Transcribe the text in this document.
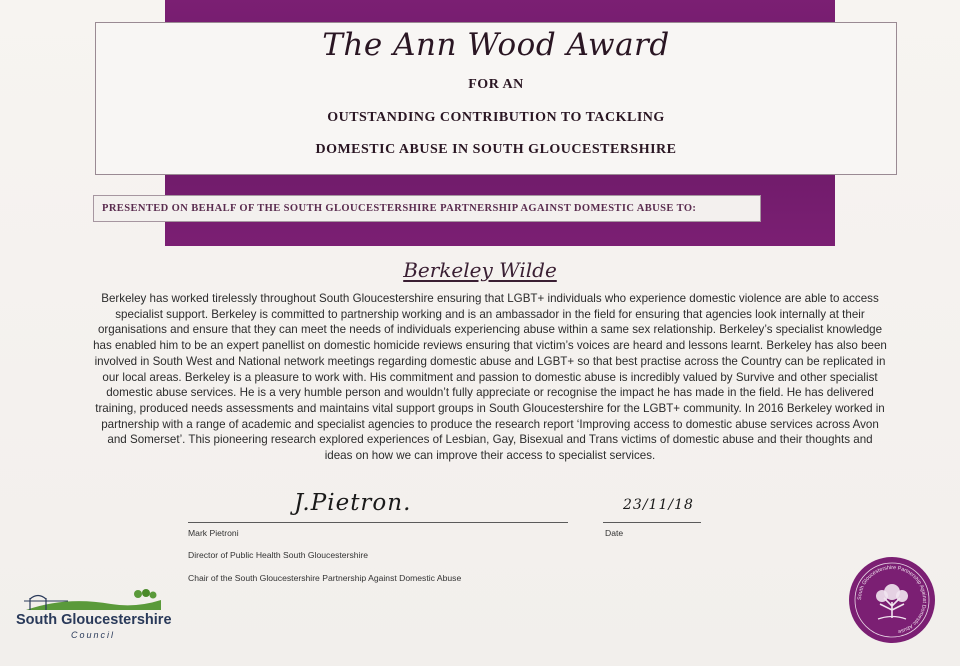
The Ann Wood Award
FOR AN
OUTSTANDING CONTRIBUTION TO TACKLING
DOMESTIC ABUSE IN SOUTH GLOUCESTERSHIRE
PRESENTED ON BEHALF OF THE SOUTH GLOUCESTERSHIRE PARTNERSHIP AGAINST DOMESTIC ABUSE TO:
Berkeley Wilde
Berkeley has worked tirelessly throughout South Gloucestershire ensuring that LGBT+ individuals who experience domestic violence are able to access specialist support. Berkeley is committed to partnership working and is an ambassador in the field for ensuring that agencies look internally at their organisations and ensure that they can meet the needs of individuals experiencing abuse within a same sex relationship. Berkeley’s specialist knowledge has enabled him to be an expert panellist on domestic homicide reviews ensuring that victim’s voices are heard and lessons learnt. Berkeley has also been involved in South West and National network meetings regarding domestic abuse and LGBT+ so that best practise across the Country can be replicated in our local areas. Berkeley is a pleasure to work with. His commitment and passion to domestic abuse is incredibly valued by Survive and other specialist domestic abuse services. He is a very humble person and wouldn’t fully appreciate or recognise the impact he has made in the field. He has delivered training, produced needs assessments and maintains vital support groups in South Gloucestershire for the LGBT+ community. In 2016 Berkeley worked in partnership with a range of academic and specialist agencies to produce the research report ‘Improving access to domestic abuse services across Avon and Somerset’. This pioneering research explored experiences of Lesbian, Gay, Bisexual and Trans victims of domestic abuse and their thoughts and ideas on how we can improve their access to specialist services.
J.Pietron.	23/11/18
Mark Pietroni	Date
Director of Public Health South Gloucestershire
Chair of the South Gloucestershire Partnership Against Domestic Abuse
South Gloucestershire
Council
South Gloucestershire Partnership Against Domestic Abuse
